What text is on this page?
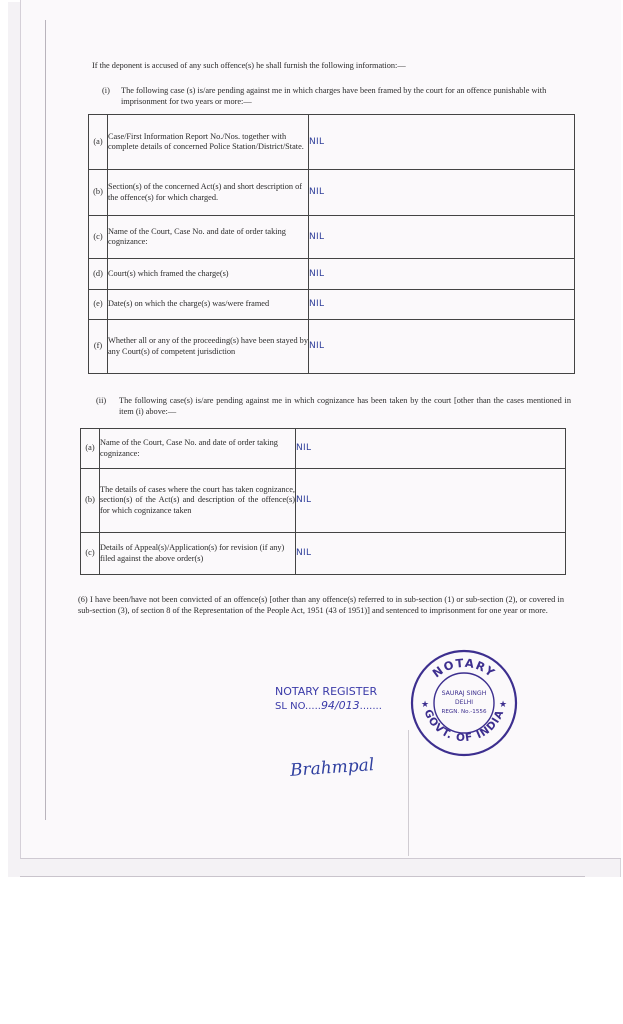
If the deponent is accused of any such offence(s) he shall furnish the following information:—
(i)	The following case (s) is/are pending against me in which charges have been framed by the court for an offence punishable with imprisonment for two years or more:—
(a)	Case/First Information Report No./Nos. together with complete details of concerned Police Station/District/State.	NIL
(b)	Section(s) of the concerned Act(s) and short description of the offence(s) for which charged.	NIL
(c)	Name of the Court, Case No. and date of order taking cognizance:	NIL
(d)	Court(s) which framed the charge(s)	NIL
(e)	Date(s) on which the charge(s) was/were framed	NIL
(f)	Whether all or any of the proceeding(s) have been stayed by any Court(s) of competent jurisdiction	NIL
(ii)	The following case(s) is/are pending against me in which cognizance has been taken by the court [other than the cases mentioned in item (i) above:—
(a)	Name of the Court, Case No. and date of order taking cognizance:	NIL
(b)	The details of cases where the court has taken cognizance, section(s) of the Act(s) and description of the offence(s) for which cognizance taken	NIL
(c)	Details of Appeal(s)/Application(s) for revision (if any) filed against the above order(s)	NIL
(6) I have been/have not been convicted of an offence(s) [other than any offence(s) referred to in sub-section (1) or sub-section (2), or covered in sub-section (3), of section 8 of the Representation of the People Act, 1951 (43 of 1951)] and sentenced to imprisonment for one year or more.
NOTARY REGISTER
SL NO.....94/013.......
Brahmpal
NOTARY
GOVT. OF INDIA
★	★
SAURAJ SINGH
DELHI
REGN. No.-1556
